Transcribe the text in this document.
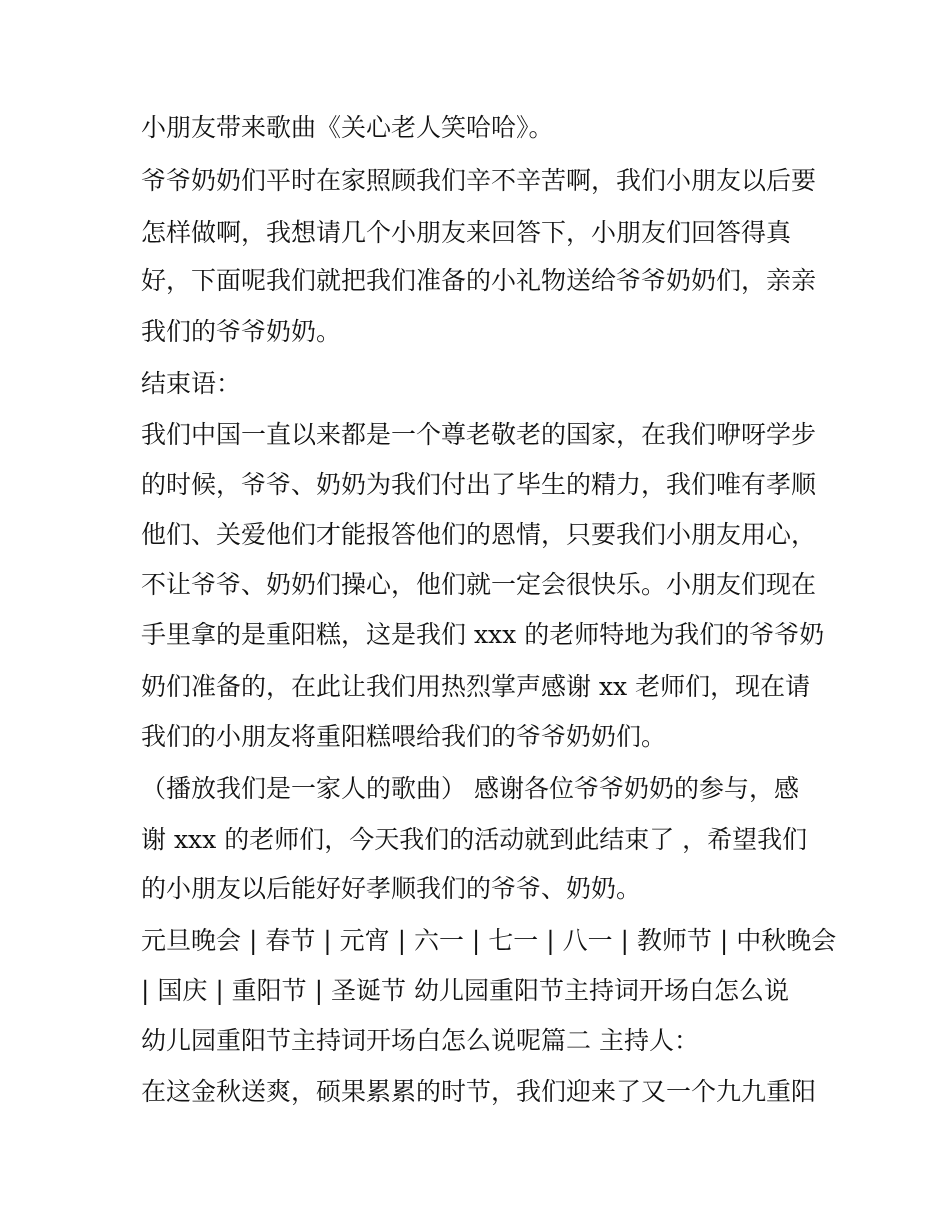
小朋友带来歌曲《关心老人笑哈哈》。

爷爷奶奶们平时在家照顾我们辛不辛苦啊，我们小朋友以后要

怎样做啊，我想请几个小朋友来回答下，小朋友们回答得真

好，下面呢我们就把我们准备的小礼物送给爷爷奶奶们，亲亲

我们的爷爷奶奶。

结束语：

我们中国一直以来都是一个尊老敬老的国家，在我们咿呀学步

的时候，爷爷、奶奶为我们付出了毕生的精力，我们唯有孝顺

他们、关爱他们才能报答他们的恩情，只要我们小朋友用心，

不让爷爷、奶奶们操心，他们就一定会很快乐。小朋友们现在

手里拿的是重阳糕，这是我们 xxx 的老师特地为我们的爷爷奶

奶们准备的，在此让我们用热烈掌声感谢 xx 老师们，现在请

我们的小朋友将重阳糕喂给我们的爷爷奶奶们。

（播放我们是一家人的歌曲） 感谢各位爷爷奶奶的参与，感

谢 xxx 的老师们，今天我们的活动就到此结束了 ，希望我们

的小朋友以后能好好孝顺我们的爷爷、奶奶。

元旦晚会 | 春节 | 元宵 | 六一 | 七一 | 八一 | 教师节 | 中秋晚会

| 国庆 | 重阳节 | 圣诞节 幼儿园重阳节主持词开场白怎么说

幼儿园重阳节主持词开场白怎么说呢篇二 主持人：

在这金秋送爽，硕果累累的时节，我们迎来了又一个九九重阳
